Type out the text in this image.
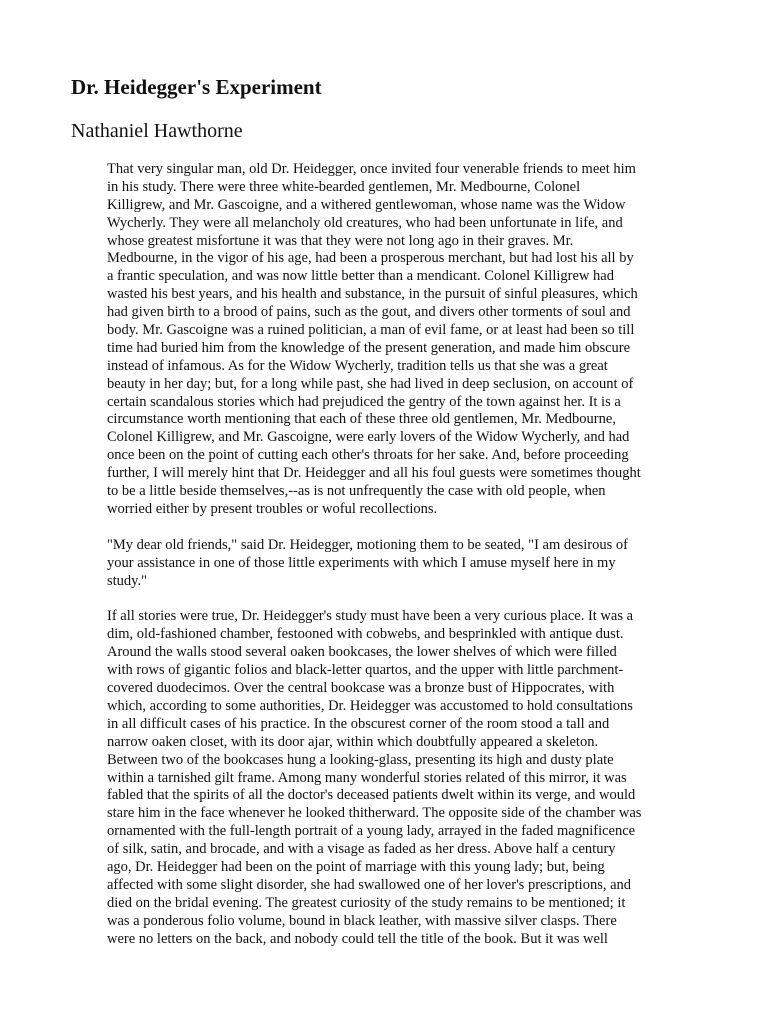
Dr. Heidegger's Experiment
Nathaniel Hawthorne
That very singular man, old Dr. Heidegger, once invited four venerable friends to meet him
in his study. There were three white-bearded gentlemen, Mr. Medbourne, Colonel
Killigrew, and Mr. Gascoigne, and a withered gentlewoman, whose name was the Widow
Wycherly. They were all melancholy old creatures, who had been unfortunate in life, and
whose greatest misfortune it was that they were not long ago in their graves. Mr.
Medbourne, in the vigor of his age, had been a prosperous merchant, but had lost his all by
a frantic speculation, and was now little better than a mendicant. Colonel Killigrew had
wasted his best years, and his health and substance, in the pursuit of sinful pleasures, which
had given birth to a brood of pains, such as the gout, and divers other torments of soul and
body. Mr. Gascoigne was a ruined politician, a man of evil fame, or at least had been so till
time had buried him from the knowledge of the present generation, and made him obscure
instead of infamous. As for the Widow Wycherly, tradition tells us that she was a great
beauty in her day; but, for a long while past, she had lived in deep seclusion, on account of
certain scandalous stories which had prejudiced the gentry of the town against her. It is a
circumstance worth mentioning that each of these three old gentlemen, Mr. Medbourne,
Colonel Killigrew, and Mr. Gascoigne, were early lovers of the Widow Wycherly, and had
once been on the point of cutting each other's throats for her sake. And, before proceeding
further, I will merely hint that Dr. Heidegger and all his foul guests were sometimes thought
to be a little beside themselves,--as is not unfrequently the case with old people, when
worried either by present troubles or woful recollections.
"My dear old friends," said Dr. Heidegger, motioning them to be seated, "I am desirous of
your assistance in one of those little experiments with which I amuse myself here in my
study."
If all stories were true, Dr. Heidegger's study must have been a very curious place. It was a
dim, old-fashioned chamber, festooned with cobwebs, and besprinkled with antique dust.
Around the walls stood several oaken bookcases, the lower shelves of which were filled
with rows of gigantic folios and black-letter quartos, and the upper with little parchment-
covered duodecimos. Over the central bookcase was a bronze bust of Hippocrates, with
which, according to some authorities, Dr. Heidegger was accustomed to hold consultations
in all difficult cases of his practice. In the obscurest corner of the room stood a tall and
narrow oaken closet, with its door ajar, within which doubtfully appeared a skeleton.
Between two of the bookcases hung a looking-glass, presenting its high and dusty plate
within a tarnished gilt frame. Among many wonderful stories related of this mirror, it was
fabled that the spirits of all the doctor's deceased patients dwelt within its verge, and would
stare him in the face whenever he looked thitherward. The opposite side of the chamber was
ornamented with the full-length portrait of a young lady, arrayed in the faded magnificence
of silk, satin, and brocade, and with a visage as faded as her dress. Above half a century
ago, Dr. Heidegger had been on the point of marriage with this young lady; but, being
affected with some slight disorder, she had swallowed one of her lover's prescriptions, and
died on the bridal evening. The greatest curiosity of the study remains to be mentioned; it
was a ponderous folio volume, bound in black leather, with massive silver clasps. There
were no letters on the back, and nobody could tell the title of the book. But it was well
